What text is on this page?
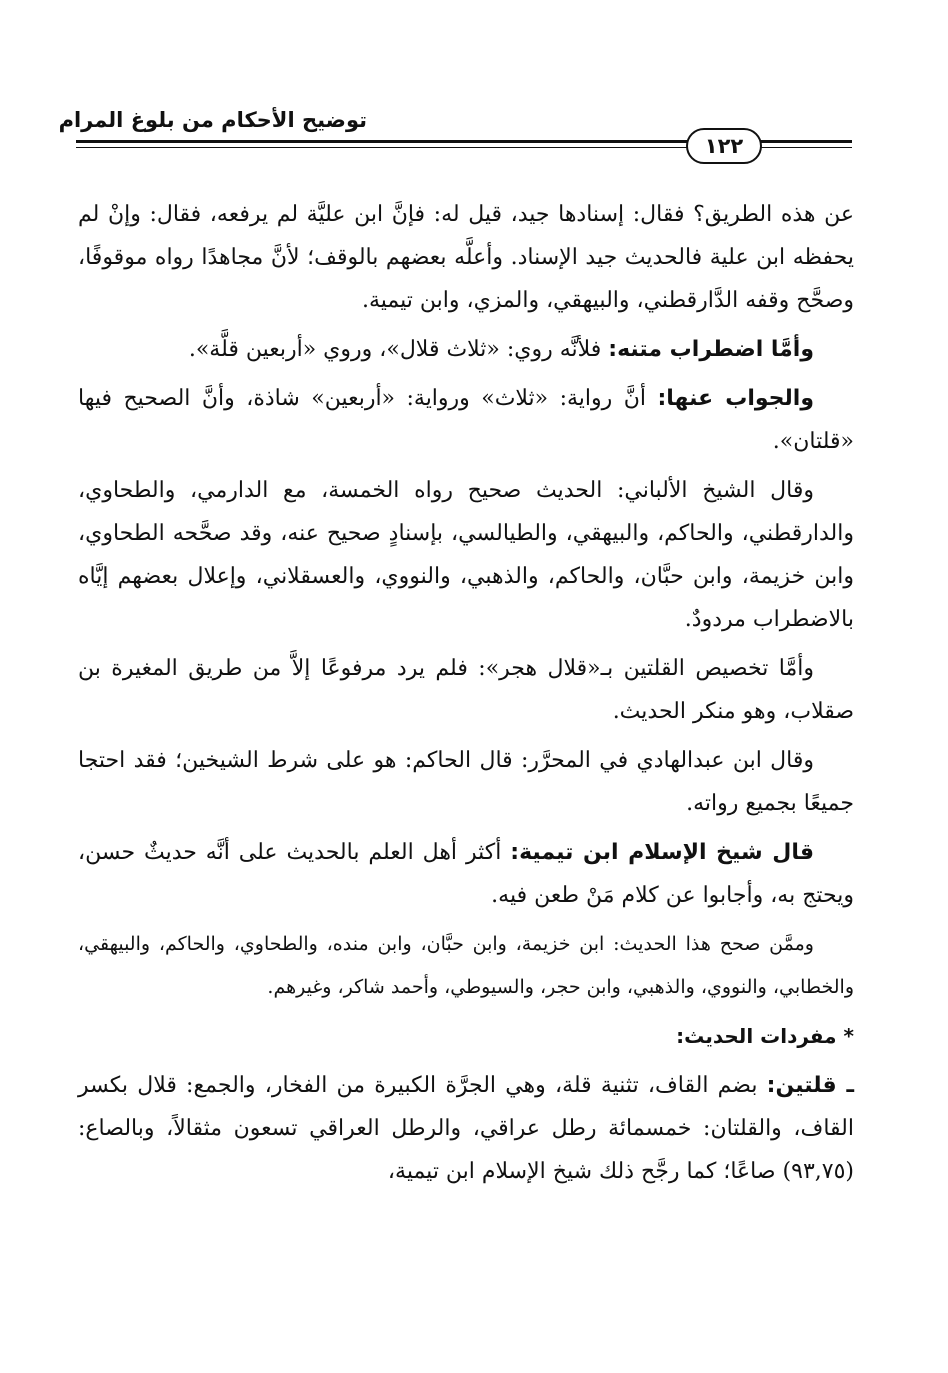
توضيح الأحكام من بلوغ المرام
١٢٢

عن هذه الطريق؟ فقال: إسنادها جيد، قيل له: فإنَّ ابن عليَّة لم يرفعه، فقال: وإنْ لم يحفظه ابن علية فالحديث جيد الإسناد. وأعلَّه بعضهم بالوقف؛ لأنَّ مجاهدًا رواه موقوفًا، وصحَّح وقفه الدَّارقطني، والبيهقي، والمزي، وابن تيمية.

وأمَّا اضطراب متنه: فلأنَّه روي: «ثلاث قلال»، وروي «أربعين قلَّة».

والجواب عنها: أنَّ رواية: «ثلاث» ورواية: «أربعين» شاذة، وأنَّ الصحيح فيها «قلتان».

وقال الشيخ الألباني: الحديث صحيح رواه الخمسة، مع الدارمي، والطحاوي، والدارقطني، والحاكم، والبيهقي، والطيالسي، بإسنادٍ صحيح عنه، وقد صحَّحه الطحاوي، وابن خزيمة، وابن حبَّان، والحاكم، والذهبي، والنووي، والعسقلاني، وإعلال بعضهم إيَّاه بالاضطراب مردودٌ.

وأمَّا تخصيص القلتين بـ«قلال هجر»: فلم يرد مرفوعًا إلاَّ من طريق المغيرة بن صقلاب، وهو منكر الحديث.

وقال ابن عبدالهادي في المحرَّر: قال الحاكم: هو على شرط الشيخين؛ فقد احتجا جميعًا بجميع رواته.

قال شيخ الإسلام ابن تيمية: أكثر أهل العلم بالحديث على أنَّه حديثٌ حسن، ويحتج به، وأجابوا عن كلام مَنْ طعن فيه.

وممَّن صحح هذا الحديث: ابن خزيمة، وابن حبَّان، وابن منده، والطحاوي، والحاكم، والبيهقي، والخطابي، والنووي، والذهبي، وابن حجر، والسيوطي، وأحمد شاكر، وغيرهم.

* مفردات الحديث:

ـ قلتين: بضم القاف، تثنية قلة، وهي الجرَّة الكبيرة من الفخار، والجمع: قلال بكسر القاف، والقلتان: خمسمائة رطل عراقي، والرطل العراقي تسعون مثقالاً، وبالصاع: (٩٣,٧٥) صاعًا؛ كما رجَّح ذلك شيخ الإسلام ابن تيمية،
